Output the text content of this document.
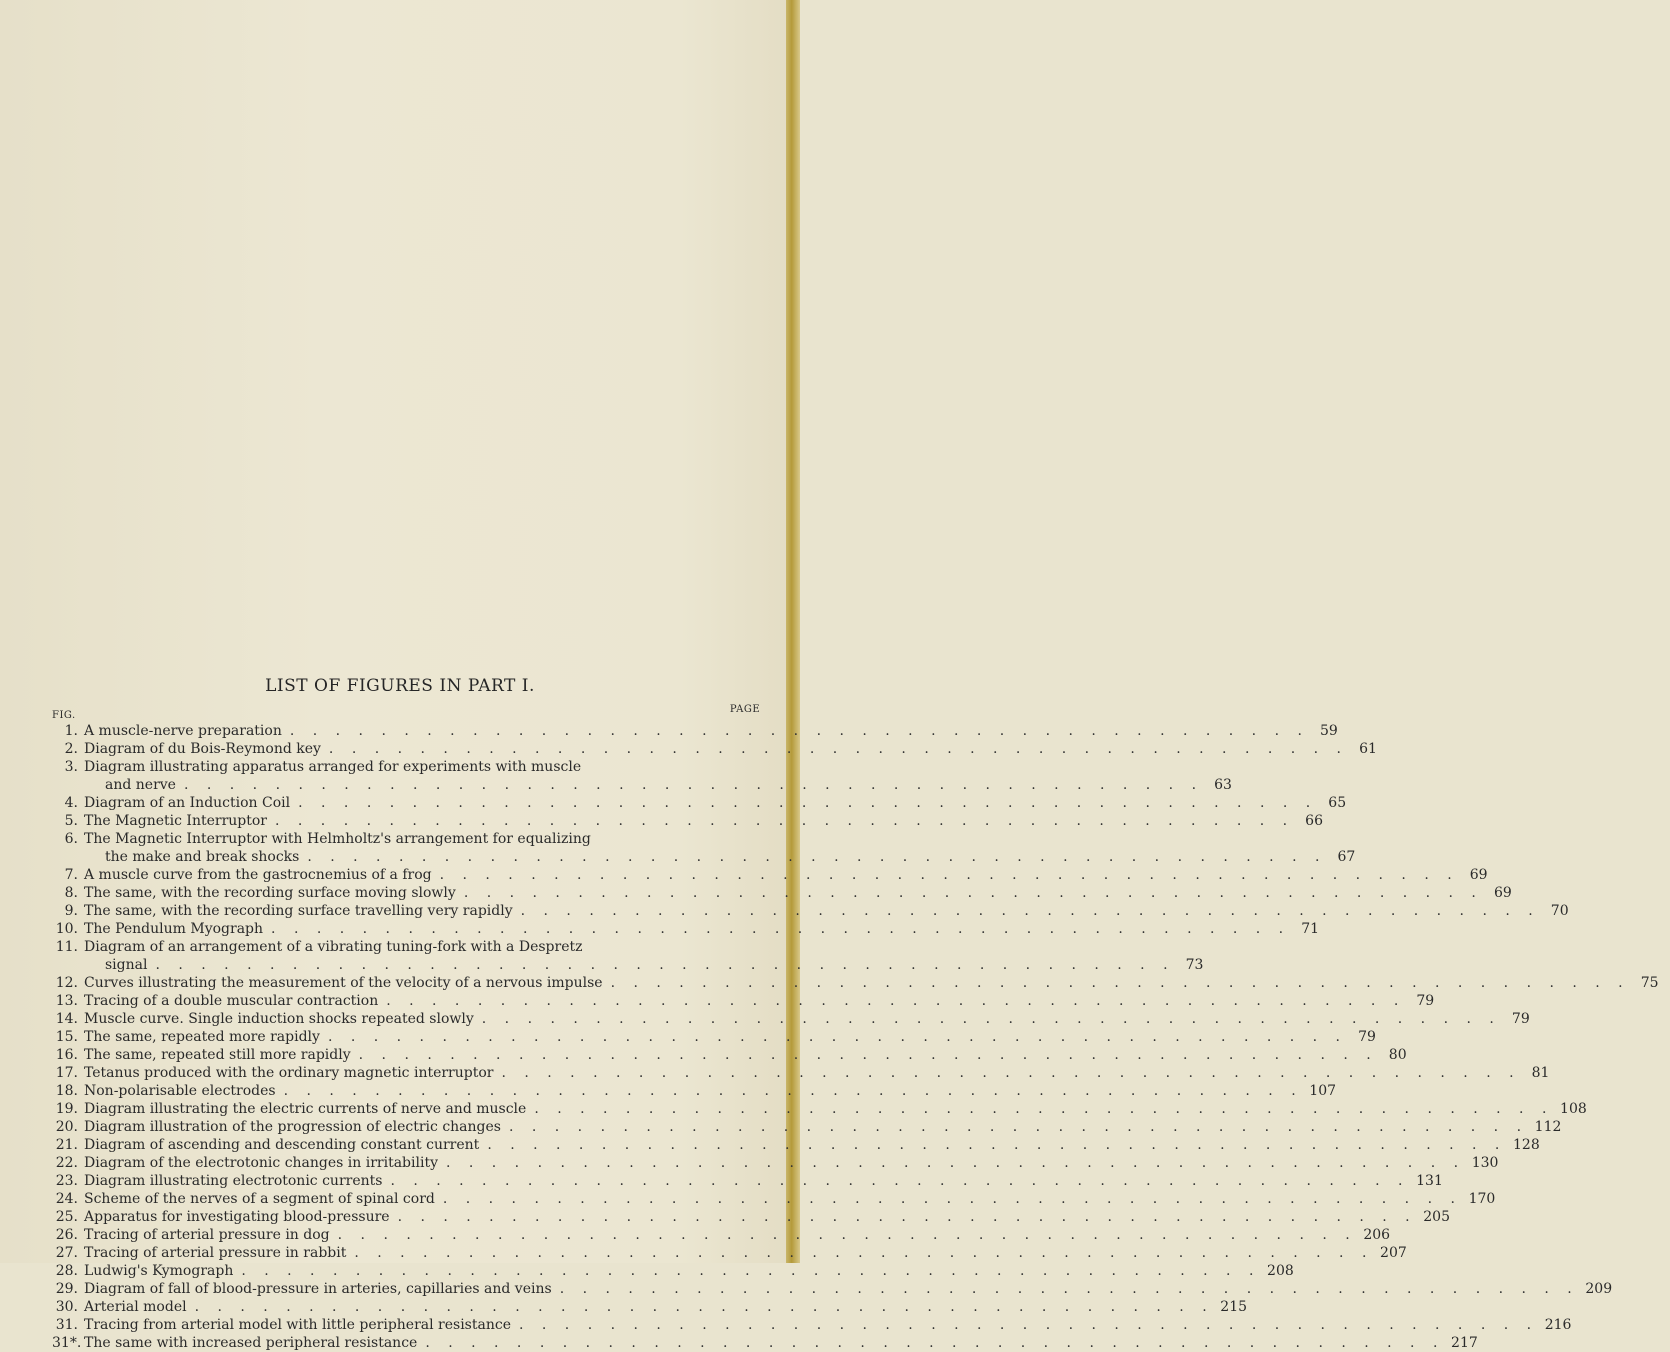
LIST OF FIGURES IN PART I.
FIG.
PAGE
1. A muscle-nerve preparation . . .	59
2. Diagram of du Bois-Reymond key . . .	61
3. Diagram illustrating apparatus arranged for experiments with muscle
and nerve . . .	63
4. Diagram of an Induction Coil . . .	65
5. The Magnetic Interruptor . . .	66
6. The Magnetic Interruptor with Helmholtz's arrangement for equalizing
the make and break shocks . . .	67
7. A muscle curve from the gastrocnemius of a frog . . .	69
8. The same, with the recording surface moving slowly . . .	69
9. The same, with the recording surface travelling very rapidly . . .	70
10. The Pendulum Myograph . . .	71
11. Diagram of an arrangement of a vibrating tuning-fork with a Despretz
signal . . .	73
12. Curves illustrating the measurement of the velocity of a nervous impulse . . .	75
13. Tracing of a double muscular contraction . . .	79
14. Muscle curve. Single induction shocks repeated slowly . . .	79
15. The same, repeated more rapidly . . .	79
16. The same, repeated still more rapidly . . .	80
17. Tetanus produced with the ordinary magnetic interruptor . . .	81
18. Non-polarisable electrodes . . .	107
19. Diagram illustrating the electric currents of nerve and muscle . . .	108
20. Diagram illustration of the progression of electric changes . . .	112
21. Diagram of ascending and descending constant current . . .	128
22. Diagram of the electrotonic changes in irritability . . .	130
23. Diagram illustrating electrotonic currents . . .	131
24. Scheme of the nerves of a segment of spinal cord . . .	170
25. Apparatus for investigating blood-pressure . . .	205
26. Tracing of arterial pressure in dog . . .	206
27. Tracing of arterial pressure in rabbit . . .	207
28. Ludwig's Kymograph . . .	208
29. Diagram of fall of blood-pressure in arteries, capillaries and veins . . .	209
30. Arterial model . . .	215
31. Tracing from arterial model with little peripheral resistance . . .	216
31*. The same with increased peripheral resistance . . .	217
